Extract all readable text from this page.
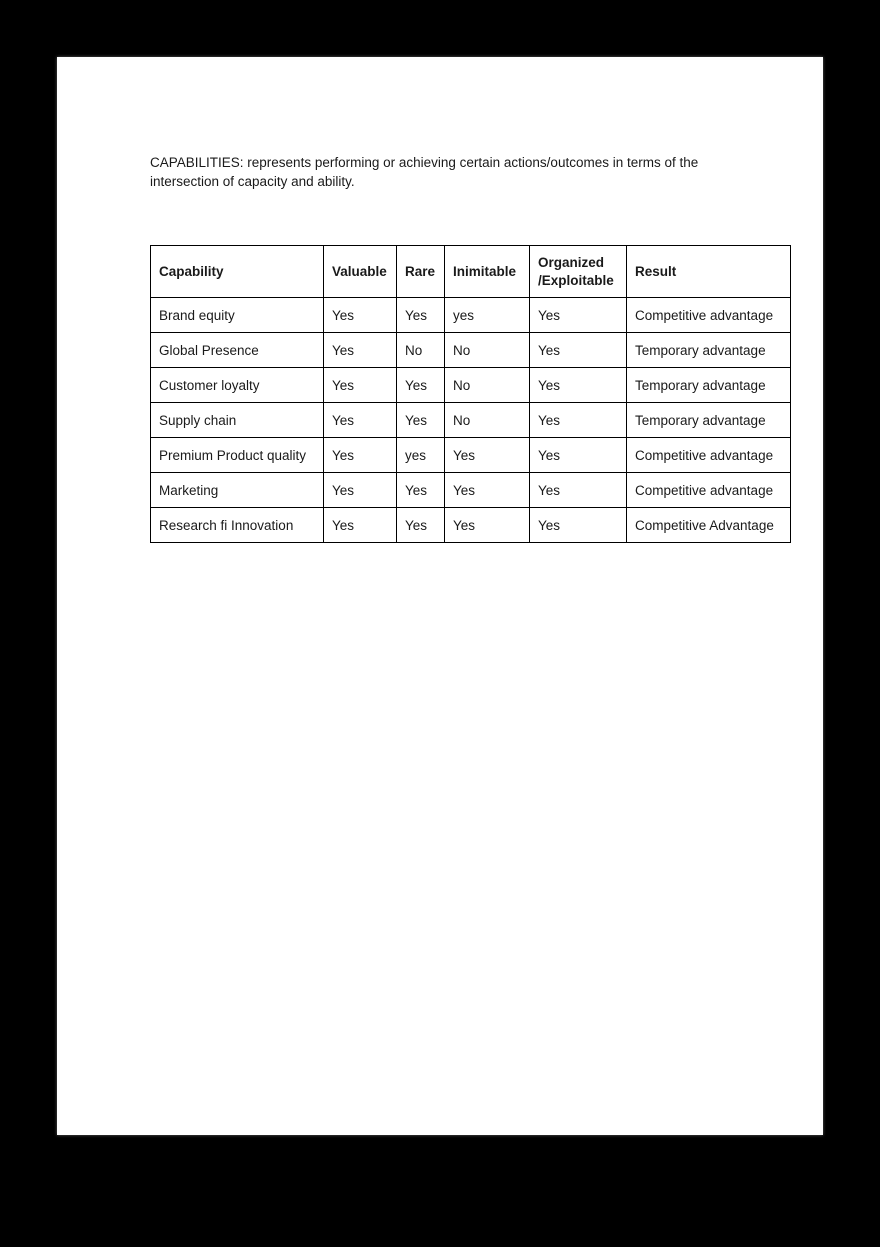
CAPABILITIES: represents performing or achieving certain actions/outcomes in terms of the intersection of capacity and ability.

Capability	Valuable	Rare	Inimitable	Organized /Exploitable	Result
Brand equity	Yes	Yes	yes	Yes	Competitive advantage
Global Presence	Yes	No	No	Yes	Temporary advantage
Customer loyalty	Yes	Yes	No	Yes	Temporary advantage
Supply chain	Yes	Yes	No	Yes	Temporary advantage
Premium Product quality	Yes	yes	Yes	Yes	Competitive advantage
Marketing	Yes	Yes	Yes	Yes	Competitive advantage
Research fi Innovation	Yes	Yes	Yes	Yes	Competitive Advantage
